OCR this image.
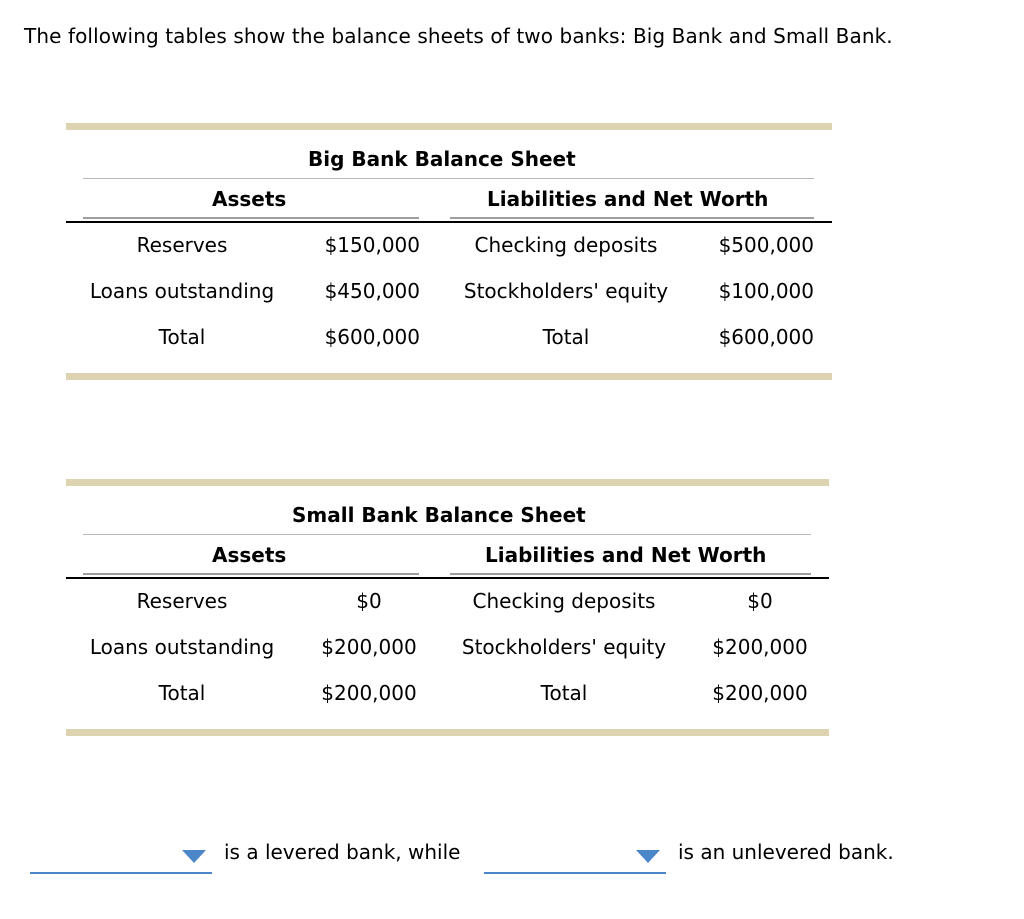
The following tables show the balance sheets of two banks: Big Bank and Small Bank.
Big Bank Balance Sheet
Assets	Liabilities and Net Worth
Reserves	$150,000	Checking deposits	$500,000
Loans outstanding	$450,000	Stockholders' equity	$100,000
Total	$600,000	Total	$600,000
Small Bank Balance Sheet
Assets	Liabilities and Net Worth
Reserves	$0	Checking deposits	$0
Loans outstanding	$200,000	Stockholders' equity	$200,000
Total	$200,000	Total	$200,000
is a levered bank, while	is an unlevered bank.
